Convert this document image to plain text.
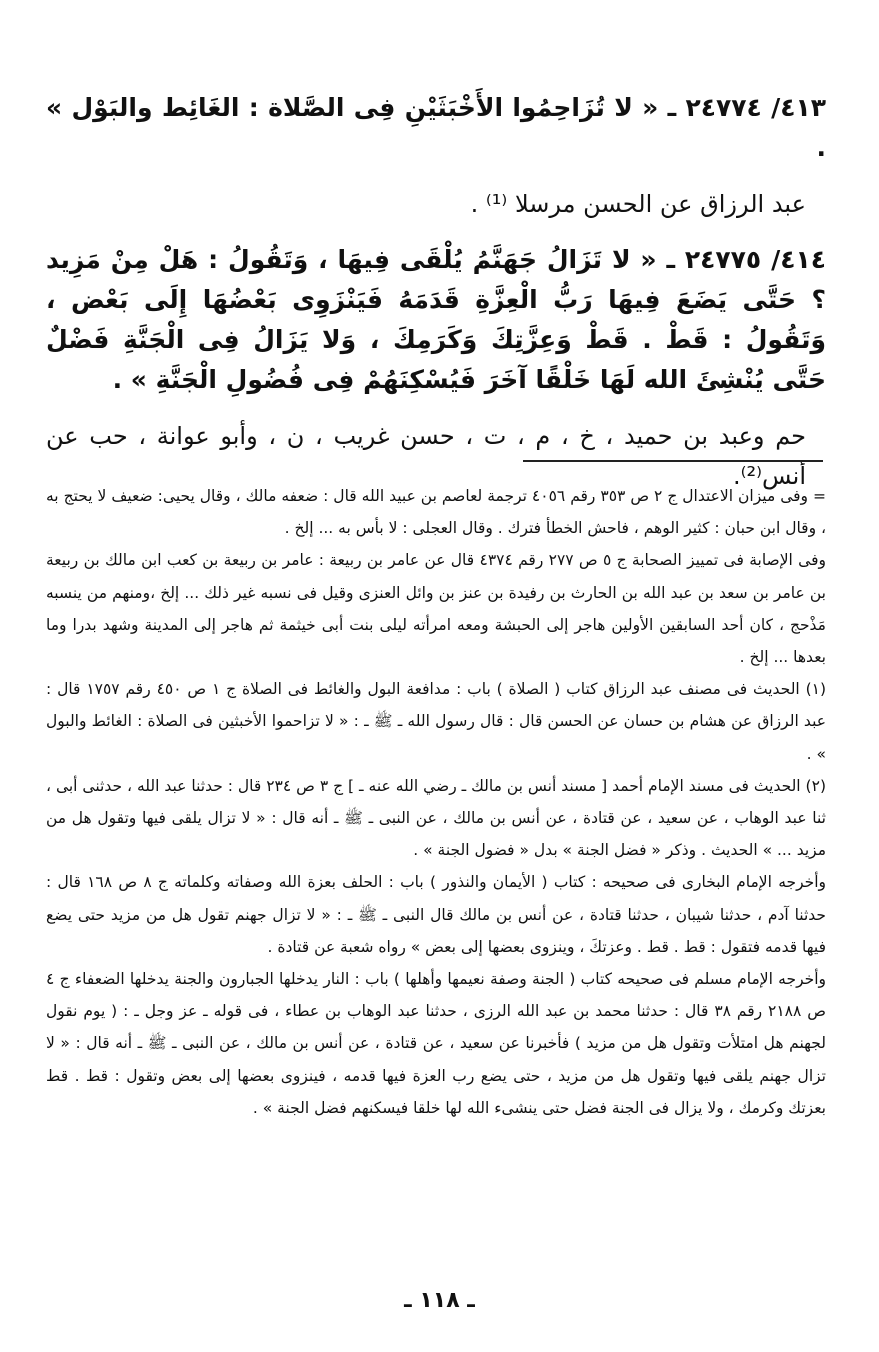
٤١٣/ ٢٤٧٧٤ ـ « لا تُزَاحِمُوا الأَخْبَثَيْنِ فِى الصَّلاة : الغَائِط والبَوْل » .

عبد الرزاق عن الحسن مرسلا ⁽¹⁾ .

٤١٤/ ٢٤٧٧٥ ـ « لا تَزَالُ جَهَنَّمُ يُلْقَى فِيهَا ، وَتَقُولُ : هَلْ مِنْ مَزِيد ؟ حَتَّى يَضَعَ فِيهَا رَبُّ الْعِزَّةِ قَدَمَهُ فَيَنْزَوِى بَعْضُهَا إِلَى بَعْض ، وَتَقُولُ : قَطْ . قَطْ وَعِزَّتِكَ وَكَرَمِكَ ، وَلا يَزَالُ فِى الْجَنَّةِ فَضْلٌ حَتَّى يُنْشِئَ الله لَهَا خَلْقًا آخَرَ فَيُسْكِنَهُمْ فِى فُضُولِ الْجَنَّةِ » .

حم وعبد بن حميد ، خ ، م ، ت ، حسن غريب ، ن ، وأبو عوانة ، حب عن أنس⁽²⁾.

= وفى ميزان الاعتدال ج ٢ ص ٣٥٣ رقم ٤٠٥٦ ترجمة لعاصم بن عبيد الله قال : ضعفه مالك ، وقال يحيى: ضعيف لا يحتج به ، وقال ابن حبان : كثير الوهم ، فاحش الخطأ فترك . وقال العجلى : لا بأس به ... إلخ .

وفى الإصابة فى تمييز الصحابة ج ٥ ص ٢٧٧ رقم ٤٣٧٤ قال عن عامر بن ربيعة : عامر بن ربيعة بن كعب ابن مالك بن ربيعة بن عامر بن سعد بن عبد الله بن الحارث بن رفيدة بن عنز بن وائل العنزى وقيل فى نسبه غير ذلك ... إلخ ،ومنهم من ينسبه مَذْحج ، كان أحد السابقين الأولين هاجر إلى الحبشة ومعه امرأته ليلى بنت أبى خيثمة ثم هاجر إلى المدينة وشهد بدرا وما بعدها ... إلخ .

(١) الحديث فى مصنف عبد الرزاق كتاب ( الصلاة ) باب : مدافعة البول والغائط فى الصلاة ج ١ ص ٤٥٠ رقم ١٧٥٧ قال : عبد الرزاق عن هشام بن حسان عن الحسن قال : قال رسول الله ـ ﷺ ـ : « لا تزاحموا الأخبثين فى الصلاة : الغائط والبول » .

(٢) الحديث فى مسند الإمام أحمد [ مسند أنس بن مالك ـ رضي الله عنه ـ ] ج ٣ ص ٢٣٤ قال : حدثنا عبد الله ، حدثنى أبى ، ثنا عبد الوهاب ، عن سعيد ، عن قتادة ، عن أنس بن مالك ، عن النبى ـ ﷺ ـ أنه قال : « لا تزال يلقى فيها وتقول هل من مزيد ... » الحديث . وذكر « فضل الجنة » بدل « فضول الجنة » .

وأخرجه الإمام البخارى فى صحيحه : كتاب ( الأيمان والنذور ) باب : الحلف بعزة الله وصفاته وكلماته ج ٨ ص ١٦٨ قال : حدثنا آدم ، حدثنا شيبان ، حدثنا قتادة ، عن أنس بن مالك قال النبى ـ ﷺ ـ : « لا تزال جهنم تقول هل من مزيد حتى يضع فيها قدمه فتقول : قط . قط . وعزتكَ ، وينزوى بعضها إلى بعض » رواه شعبة عن قتادة .

وأخرجه الإمام مسلم فى صحيحه كتاب ( الجنة وصفة نعيمها وأهلها ) باب : النار يدخلها الجبارون والجنة يدخلها الضعفاء ج ٤ ص ٢١٨٨ رقم ٣٨ قال : حدثنا محمد بن عبد الله الرزى ، حدثنا عبد الوهاب بن عطاء ، فى قوله ـ عز وجل ـ : ( يوم نقول لجهنم هل امتلأت وتقول هل من مزيد ) فأخبرنا عن سعيد ، عن قتادة ، عن أنس بن مالك ، عن النبى ـ ﷺ ـ أنه قال : « لا تزال جهنم يلقى فيها وتقول هل من مزيد ، حتى يضع رب العزة فيها قدمه ، فينزوى بعضها إلى بعض وتقول : قط . قط بعزتك وكرمك ، ولا يزال فى الجنة فضل حتى ينشىء الله لها خلقا فيسكنهم فضل الجنة » .

ـ ١١٨ ـ
